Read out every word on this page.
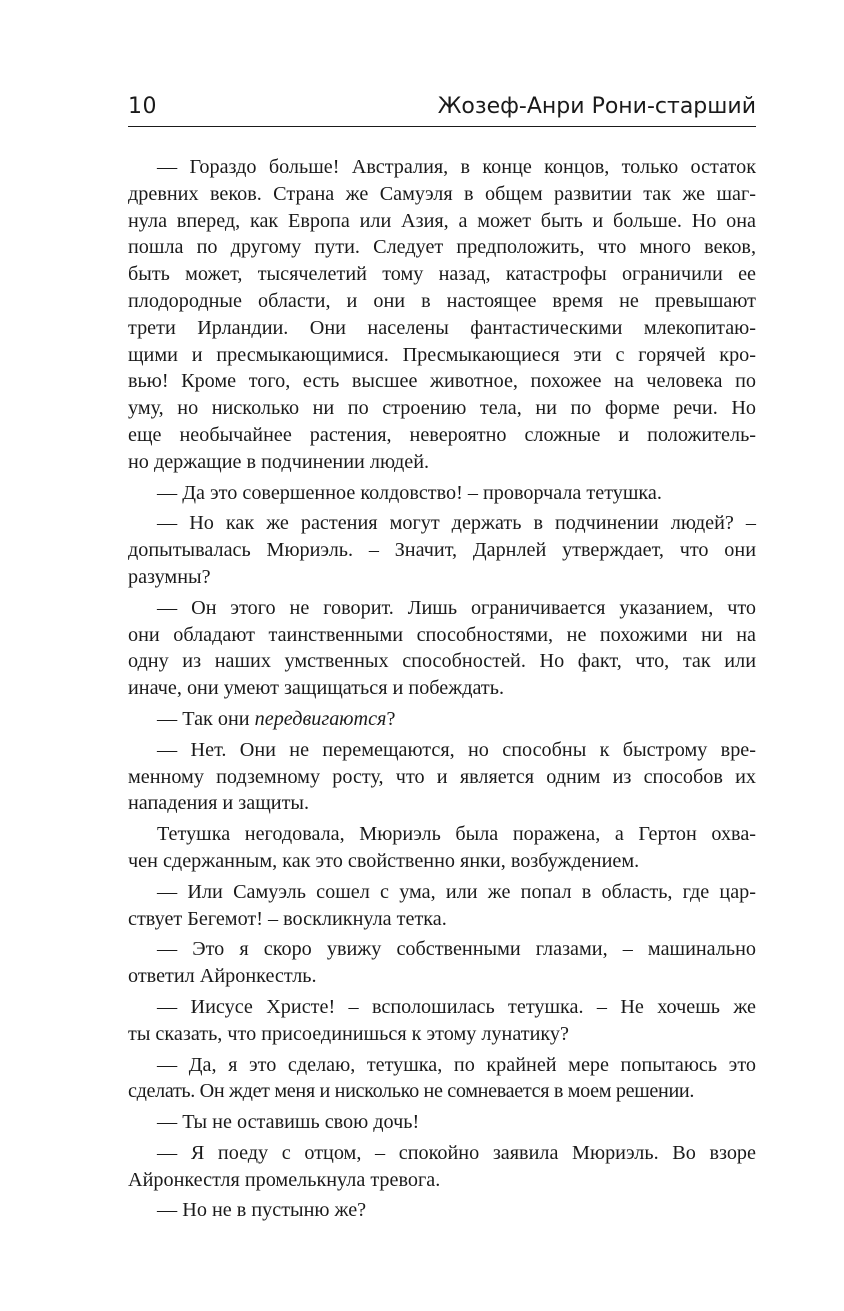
10	Жозеф-Анри Рони-старший

— Гораздо больше! Австралия, в конце концов, только остаток
древних веков. Страна же Самуэля в общем развитии так же шаг-
нула вперед, как Европа или Азия, а может быть и больше. Но она
пошла по другому пути. Следует предположить, что много веков,
быть может, тысячелетий тому назад, катастрофы ограничили ее
плодородные области, и они в настоящее время не превышают
трети Ирландии. Они населены фантастическими млекопитаю-
щими и пресмыкающимися. Пресмыкающиеся эти с горячей кро-
вью! Кроме того, есть высшее животное, похожее на человека по
уму, но нисколько ни по строению тела, ни по форме речи. Но
еще необычайнее растения, невероятно сложные и положитель-
но держащие в подчинении людей.

— Да это совершенное колдовство! – проворчала тетушка.

— Но как же растения могут держать в подчинении людей? –
допытывалась Мюриэль. – Значит, Дарнлей утверждает, что они
разумны?

— Он этого не говорит. Лишь ограничивается указанием, что
они обладают таинственными способностями, не похожими ни на
одну из наших умственных способностей. Но факт, что, так или
иначе, они умеют защищаться и побеждать.

— Так они передвигаются?

— Нет. Они не перемещаются, но способны к быстрому вре-
менному подземному росту, что и является одним из способов их
нападения и защиты.

Тетушка негодовала, Мюриэль была поражена, а Гертон охва-
чен сдержанным, как это свойственно янки, возбуждением.

— Или Самуэль сошел с ума, или же попал в область, где цар-
ствует Бегемот! – воскликнула тетка.

— Это я скоро увижу собственными глазами, – машинально
ответил Айронкестль.

— Иисусе Христе! – всполошилась тетушка. – Не хочешь же
ты сказать, что присоединишься к этому лунатику?

— Да, я это сделаю, тетушка, по крайней мере попытаюсь это
сделать. Он ждет меня и нисколько не сомневается в моем решении.

— Ты не оставишь свою дочь!

— Я поеду с отцом, – спокойно заявила Мюриэль. Во взоре
Айронкестля промелькнула тревога.

— Но не в пустыню же?
